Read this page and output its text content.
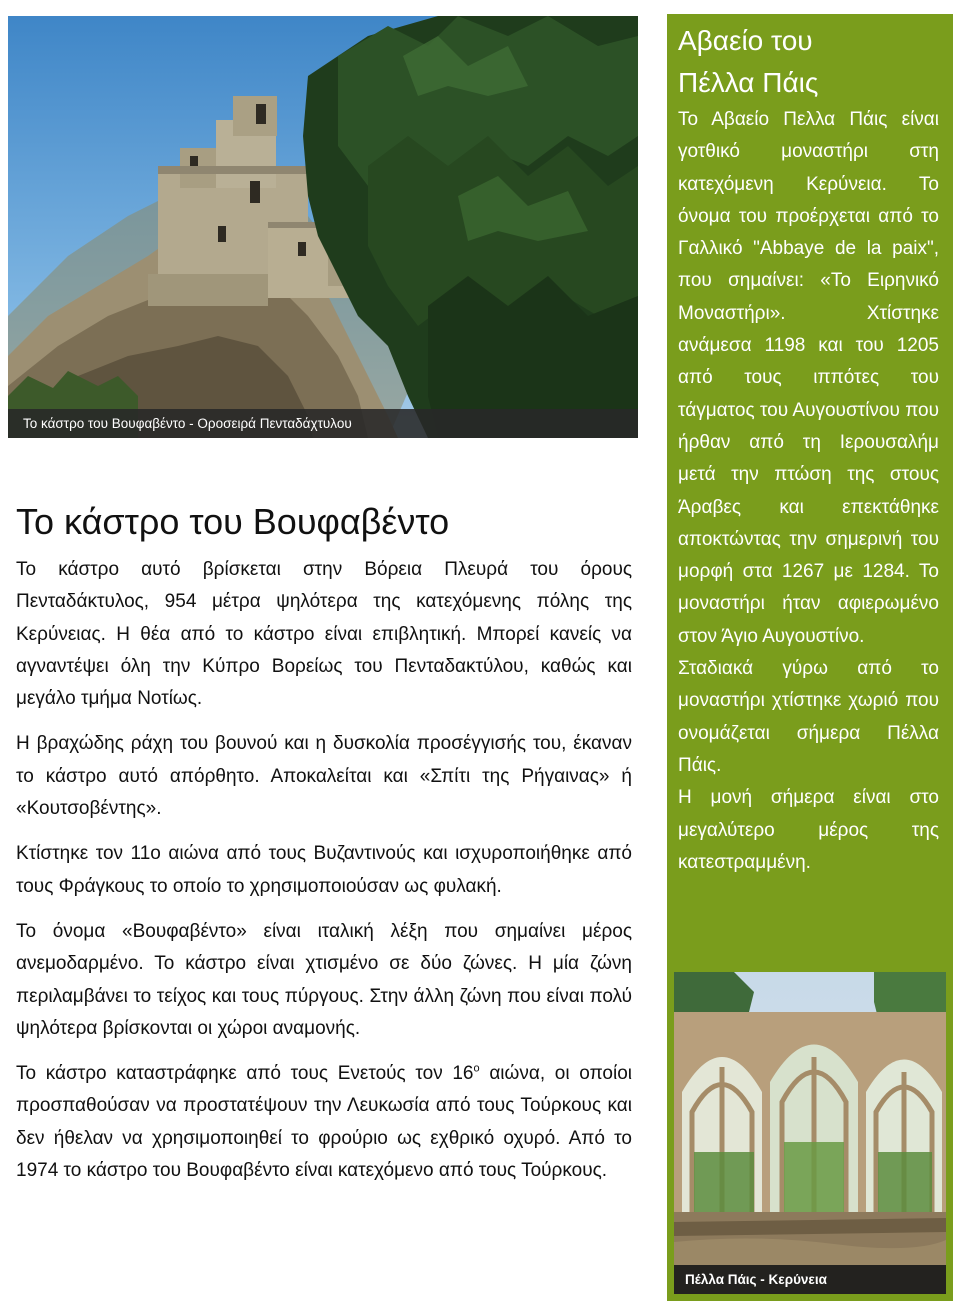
Το κάστρο του Βουφαβέντο - Οροσειρά Πενταδάχτυλου
Το κάστρο του Βουφαβέντο

Το κάστρο αυτό βρίσκεται στην Βόρεια Πλευρά του όρους Πενταδάκτυλος, 954 μέτρα ψηλότερα της κατεχόμενης πόλης της Κερύνειας. Η θέα από το κάστρο είναι επιβλητική. Μπορεί κανείς να αγναντέψει όλη την Κύπρο Βορείως του Πενταδακτύλου, καθώς και μεγάλο τμήμα Νοτίως.

Η βραχώδης ράχη του βουνού και η δυσκολία προσέγγισής του, έκαναν το κάστρο αυτό απόρθητο. Αποκαλείται και «Σπίτι της Ρήγαινας» ή «Κουτσοβέντης».

Κτίστηκε τον 11ο αιώνα από τους Βυζαντινούς και ισχυροποιήθηκε από τους Φράγκους το οποίο το χρησιμοποιούσαν ως φυλακή.

Το όνομα «Βουφαβέντο» είναι ιταλική λέξη που σημαίνει μέρος ανεμοδαρμένο. Το κάστρο είναι χτισμένο σε δύο ζώνες. Η μία ζώνη περιλαμβάνει το τείχος και τους πύργους. Στην άλλη ζώνη που είναι πολύ ψηλότερα βρίσκονται οι χώροι αναμονής.

Το κάστρο καταστράφηκε από τους Ενετούς τον $16^o$ αιώνα, οι οποίοι προσπαθούσαν να προστατέψουν την Λευκωσία από τους Τούρκους και δεν ήθελαν να χρησιμοποιηθεί το φρούριο ως εχθρικό οχυρό. Από το 1974 το κάστρο του Βουφαβέντο είναι κατεχόμενο από τους Τούρκους.

Αβαείο του
Πέλλα Πάις

Το Αβαείο Πελλα Πάις είναι γοτθικό μοναστήρι στη κατεχόμενη Κερύνεια. Το όνομα του προέρχεται από το Γαλλικό "Abbaye de la paix", που σημαίνει: «Το Ειρηνικό Μοναστήρι». Χτίστηκε ανάμεσα 1198 και του 1205 από τους ιππότες του τάγματος του Αυγουστίνου που ήρθαν από τη Ιερουσαλήμ μετά την πτώση της στους Άραβες και επεκτάθηκε αποκτώντας την σημερινή του μορφή στα 1267 με 1284. Το μοναστήρι ήταν αφιερωμένο στον Άγιο Αυγουστίνο.

Σταδιακά γύρω από το μοναστήρι χτίστηκε χωριό που ονομάζεται σήμερα Πέλλα Πάις.

Η μονή σήμερα είναι στο μεγαλύτερο μέρος της κατεστραμμένη.

Πέλλα Πάις - Κερύνεια
